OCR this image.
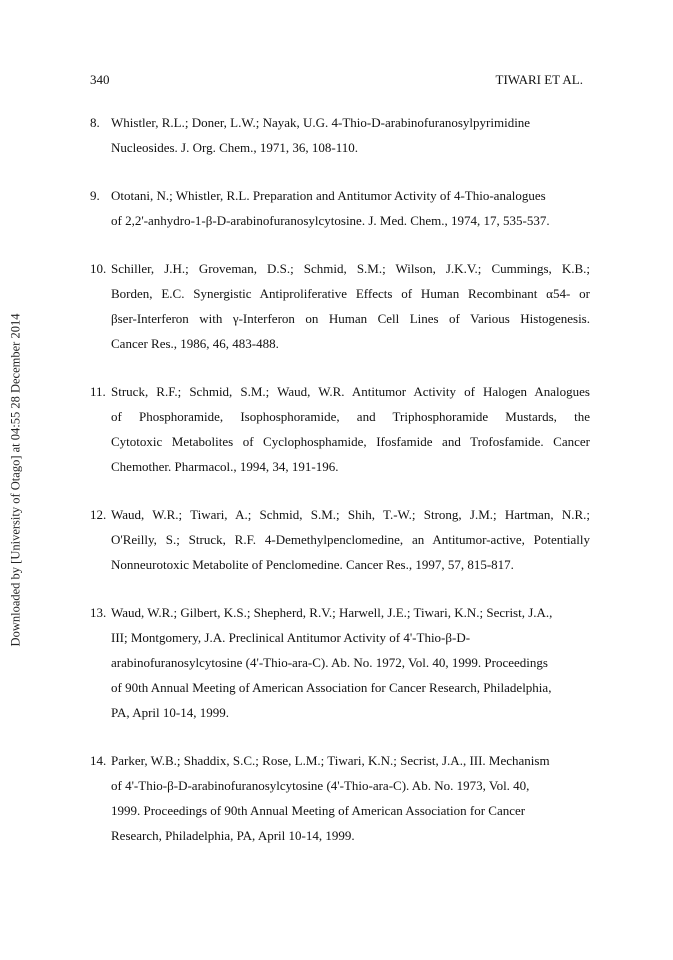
340	TIWARI ET AL.
Downloaded by [University of Otago] at 04:55 28 December 2014
8. Whistler, R.L.; Doner, L.W.; Nayak, U.G. 4-Thio-D-arabinofuranosylpyrimidine
Nucleosides. J. Org. Chem., 1971, 36, 108-110.
9. Ototani, N.; Whistler, R.L. Preparation and Antitumor Activity of 4-Thio-analogues
of 2,2'-anhydro-1-β-D-arabinofuranosylcytosine. J. Med. Chem., 1974, 17, 535-537.
10. Schiller, J.H.; Groveman, D.S.; Schmid, S.M.; Wilson, J.K.V.; Cummings, K.B.;
Borden, E.C. Synergistic Antiproliferative Effects of Human Recombinant α54- or
βser-Interferon with γ-Interferon on Human Cell Lines of Various Histogenesis.
Cancer Res., 1986, 46, 483-488.
11. Struck, R.F.; Schmid, S.M.; Waud, W.R. Antitumor Activity of Halogen Analogues
of Phosphoramide, Isophosphoramide, and Triphosphoramide Mustards, the
Cytotoxic Metabolites of Cyclophosphamide, Ifosfamide and Trofosfamide. Cancer
Chemother. Pharmacol., 1994, 34, 191-196.
12. Waud, W.R.; Tiwari, A.; Schmid, S.M.; Shih, T.-W.; Strong, J.M.; Hartman, N.R.;
O'Reilly, S.; Struck, R.F. 4-Demethylpenclomedine, an Antitumor-active, Potentially
Nonneurotoxic Metabolite of Penclomedine. Cancer Res., 1997, 57, 815-817.
13. Waud, W.R.; Gilbert, K.S.; Shepherd, R.V.; Harwell, J.E.; Tiwari, K.N.; Secrist, J.A.,
III; Montgomery, J.A. Preclinical Antitumor Activity of 4'-Thio-β-D-
arabinofuranosylcytosine (4'-Thio-ara-C). Ab. No. 1972, Vol. 40, 1999. Proceedings
of 90th Annual Meeting of American Association for Cancer Research, Philadelphia,
PA, April 10-14, 1999.
14. Parker, W.B.; Shaddix, S.C.; Rose, L.M.; Tiwari, K.N.; Secrist, J.A., III. Mechanism
of 4'-Thio-β-D-arabinofuranosylcytosine (4'-Thio-ara-C). Ab. No. 1973, Vol. 40,
1999. Proceedings of 90th Annual Meeting of American Association for Cancer
Research, Philadelphia, PA, April 10-14, 1999.
